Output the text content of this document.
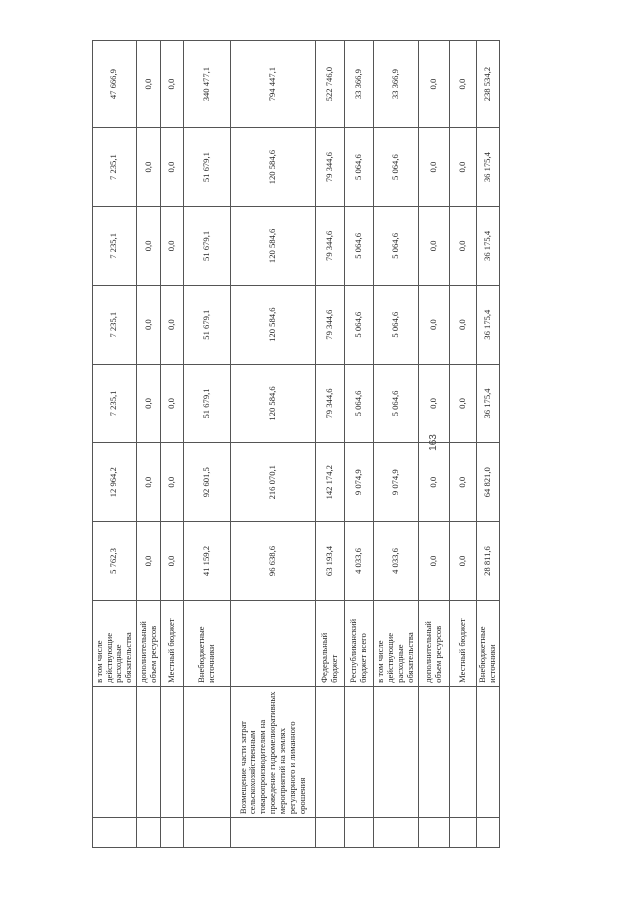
		в том числе действующие расходные обязательства	5 762,3	12 964,2	7 235,1	7 235,1	7 235,1	7 235,1	47 666,9
		дополнительный объем ресурсов	0,0	0,0	0,0	0,0	0,0	0,0	0,0
		Местный бюджет	0,0	0,0	0,0	0,0	0,0	0,0	0,0
		Внебюджетные источники	41 159,2	92 601,5	51 679,1	51 679,1	51 679,1	51 679,1	340 477,1
	Возмещение части затрат сельскохозяйственным товаропроизводителям на проведение гидромелиоративных мероприятий на землях регулярного и лиманного орошения		96 638,6	216 070,1	120 584,6	120 584,6	120 584,6	120 584,6	794 447,1
		Федеральный бюджет	63 193,4	142 174,2	79 344,6	79 344,6	79 344,6	79 344,6	522 746,0
		Республиканский бюджет всего	4 033,6	9 074,9	5 064,6	5 064,6	5 064,6	5 064,6	33 366,9
		в том числе действующие расходные обязательства	4 033,6	9 074,9	5 064,6	5 064,6	5 064,6	5 064,6	33 366,9
		дополнительный объем ресурсов	0,0	0,0	0,0	0,0	0,0	0,0	0,0
		Местный бюджет	0,0	0,0	0,0	0,0	0,0	0,0	0,0
		Внебюджетные источники	28 811,6	64 821,0	36 175,4	36 175,4	36 175,4	36 175,4	238 534,2
163
